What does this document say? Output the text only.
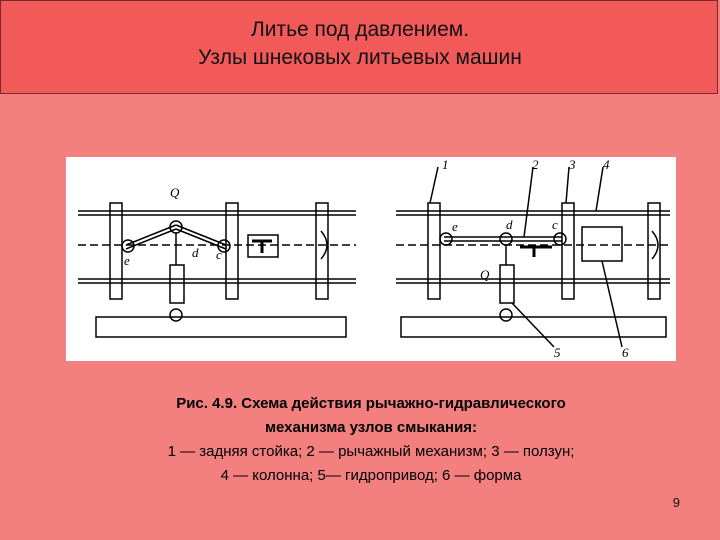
Литье под давлением.
Узлы шнековых литьевых машин
Q
e
d c
e	d	c
Q
1	2 3 4
5	6
Рис. 4.9. Схема действия рычажно-гидравлического
механизма узлов смыкания:
1 — задняя стойка; 2 — рычажный механизм; 3 — ползун;
4 — колонна; 5— гидропривод; 6 — форма
9
